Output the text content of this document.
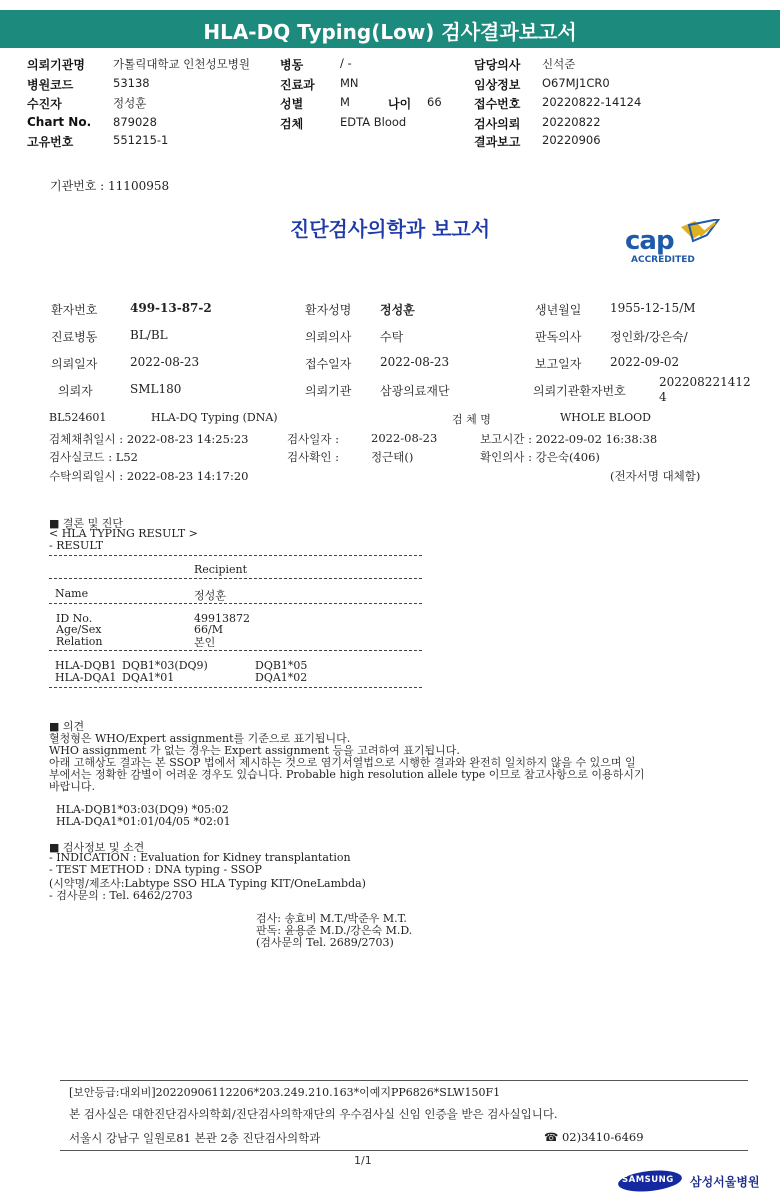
HLA-DQ Typing(Low) 검사결과보고서
의뢰기관명 가톨릭대학교 인천성모병원
병원코드	53138
수진자	정성훈
Chart No. 879028
고유번호	551215-1
병동	/ -
진료과 MN
성별	M	나이 66
검체	EDTA Blood
담당의사 신석준
임상정보 O67MJ1CR0
접수번호 20220822-14124
검사의뢰 20220822
결과보고 20220906
기관번호 : 11100958
진단검사의학과 보고서	cap
ACCREDITED
환자번호	499-13-87-2	환자성명 정성훈	생년월일 1955-12-15/M
진료병동	BL/BL	의뢰의사 수탁	판독의사 정인화/강은숙/
의뢰일자	2022-08-23	접수일자 2022-08-23	보고일자 2022-09-02
의뢰자	SML180	의뢰기관 삼광의료재단	의뢰기관환자번호
202208221412
4
BL524601	HLA-DQ Typing (DNA)	검 체 명	WHOLE BLOOD
검체채취일시 : 2022-08-23 14:25:23	검사일자 :	2022-08-23	보고시간 : 2022-09-02 16:38:38
검사실코드 : L52	검사확인 :	정근태()	확인의사 : 강은숙(406)
수탁의뢰일시 : 2022-08-23 14:17:20	(전자서명 대체함)
■ 결론 및 진단
< HLA TYPING RESULT >
- RESULT
Recipient
Name	정성훈
ID No.	49913872
Age/Sex	66/M
Relation	본인
HLA-DQB1 DQB1*03(DQ9)	DQB1*05
HLA-DQA1 DQA1*01	DQA1*02
■ 의견
혈청형은 WHO/Expert assignment를 기준으로 표기됩니다.
WHO assignment 가 없는 경우는 Expert assignment 등을 고려하여 표기됩니다.
아래 고해상도 결과는 본 SSOP 법에서 제시하는 것으로 염기서열법으로 시행한 결과와 완전히 일치하지 않을 수 있으며 일
부에서는 정확한 감별이 어려운 경우도 있습니다. Probable high resolution allele type 이므로 참고사항으로 이용하시기
바랍니다.
HLA-DQB1*03:03(DQ9) *05:02
HLA-DQA1*01:01/04/05 *02:01
■ 검사정보 및 소견
- INDICATION : Evaluation for Kidney transplantation
- TEST METHOD : DNA typing - SSOP
(시약명/제조사:Labtype SSO HLA Typing KIT/OneLambda)
- 검사문의 : Tel. 6462/2703
검사: 송효비 M.T./박준우 M.T.
판독: 윤용준 M.D./강은숙 M.D.
(검사문의 Tel. 2689/2703)
[보안등급:대외비]20220906112206*203.249.210.163*이예지PP6826*SLW150F1
본 검사실은 대한진단검사의학회/진단검사의학재단의 우수검사실 신임 인증을 받은 검사실입니다.
서울시 강남구 일원로81 본관 2층 진단검사의학과	☎ 02)3410-6469
1/1
SAMSUNG 삼성서울병원
